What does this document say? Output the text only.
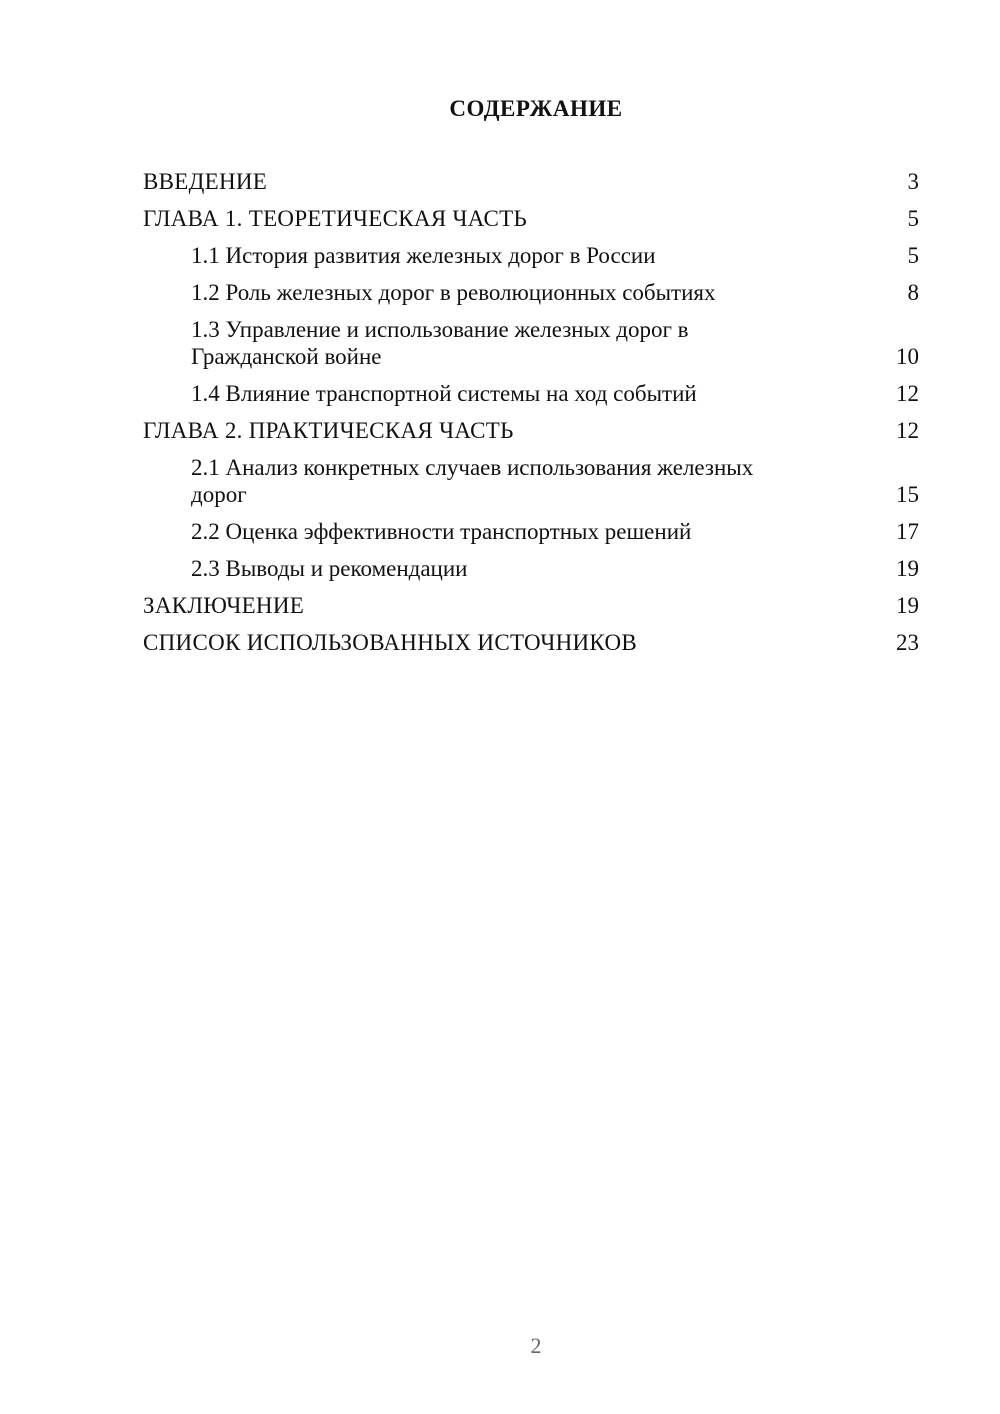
СОДЕРЖАНИЕ
ВВЕДЕНИЕ	3
ГЛАВА 1. ТЕОРЕТИЧЕСКАЯ ЧАСТЬ	5
1.1 История развития железных дорог в России	5
1.2 Роль железных дорог в революционных событиях	8
1.3 Управление и использование железных дорог в Гражданской войне	10
1.4 Влияние транспортной системы на ход событий	12
ГЛАВА 2. ПРАКТИЧЕСКАЯ ЧАСТЬ	12
2.1 Анализ конкретных случаев использования железных дорог	15
2.2 Оценка эффективности транспортных решений	17
2.3 Выводы и рекомендации	19
ЗАКЛЮЧЕНИЕ	19
СПИСОК ИСПОЛЬЗОВАННЫХ ИСТОЧНИКОВ	23
2
